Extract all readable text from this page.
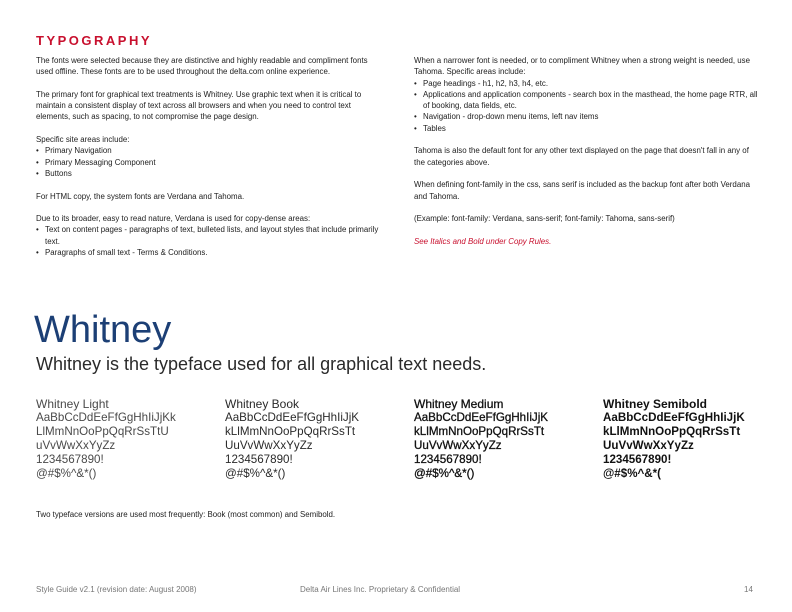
TYPOGRAPHY

The fonts were selected because they are distinctive and highly readable and compliment fonts used offline. These fonts are to be used throughout the delta.com online experience.

The primary font for graphical text treatments is Whitney. Use graphic text when it is critical to maintain a consistent display of text across all browsers and when you need to control text elements, such as spacing, to not compromise the page design.

Specific site areas include:
• Primary Navigation
• Primary Messaging Component
• Buttons

For HTML copy, the system fonts are Verdana and Tahoma.

Due to its broader, easy to read nature, Verdana is used for copy-dense areas:
• Text on content pages - paragraphs of text, bulleted lists, and layout styles that include primarily text.
• Paragraphs of small text - Terms & Conditions.
When a narrower font is needed, or to compliment Whitney when a strong weight is needed, use Tahoma. Specific areas include:
• Page headings - h1, h2, h3, h4, etc.
• Applications and application components - search box in the masthead, the home page RTR, all of booking, data fields, etc.
• Navigation - drop-down menu items, left nav items
• Tables

Tahoma is also the default font for any other text displayed on the page that doesn't fall in any of the categories above.

When defining font-family in the css, sans serif is included as the backup font after both Verdana and Tahoma.

(Example: font-family: Verdana, sans-serif; font-family: Tahoma, sans-serif)

See Italics and Bold under Copy Rules.

Whitney
Whitney is the typeface used for all graphical text needs.
Whitney Light
AaBbCcDdEeFfGgHhIiJjKk
LlMmNnOoPpQqRrSsTtU
uVvWwXxYyZz
1234567890!
@#$%^&*()
Whitney Book
AaBbCcDdEeFfGgHhIiJjK
kLlMmNnOoPpQqRrSsTt
UuVvWwXxYyZz
1234567890!
@#$%^&*()
Whitney Medium
AaBbCcDdEeFfGgHhIiJjK
kLlMmNnOoPpQqRrSsTt
UuVvWwXxYyZz
1234567890!
@#$%^&*()
Whitney Semibold
AaBbCcDdEeFfGgHhIiJjK
kLlMmNnOoPpQqRrSsTt
UuVvWwXxYyZz
1234567890!
@#$%^&*(
Two typeface versions are used most frequently: Book (most common) and Semibold.
Style Guide v2.1 (revision date: August 2008)	Delta Air Lines Inc. Proprietary & Confidential	14
